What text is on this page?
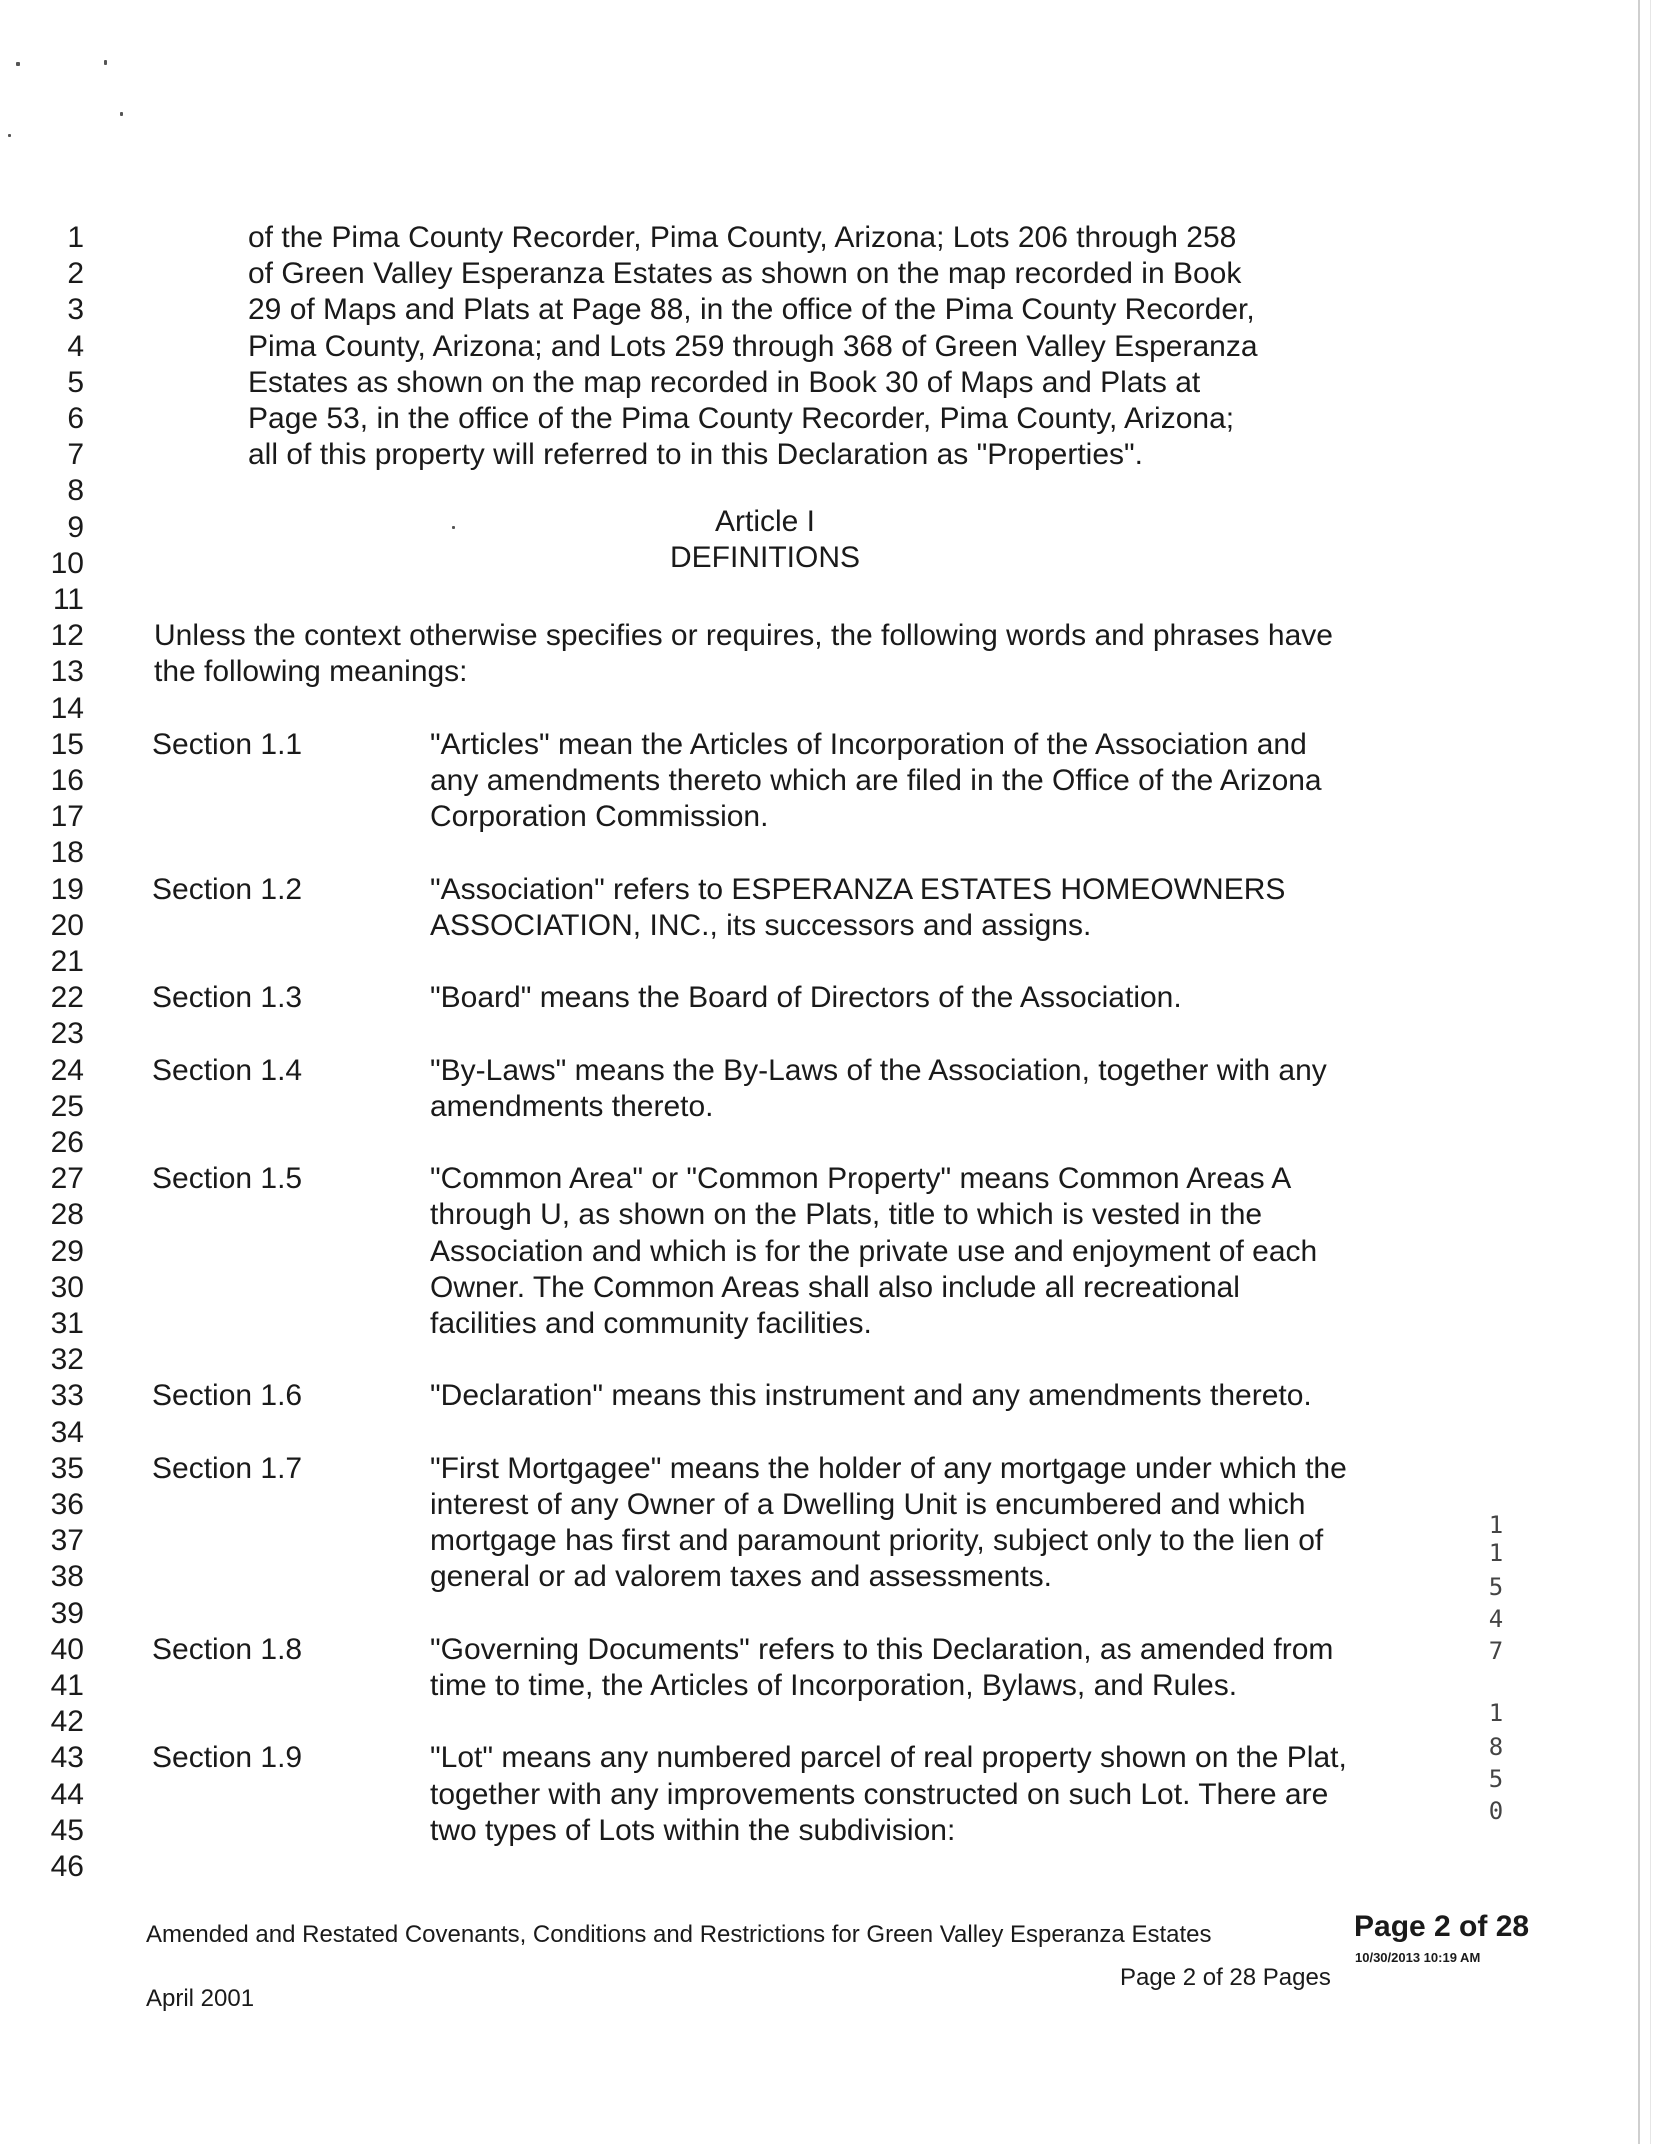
1
2
3
4
5
6
7
8
9
10
11
12
13
14
15
16
17
18
19
20
21
22
23
24
25
26
27
28
29
30
31
32
33
34
35
36
37
38
39
40
41
42
43
44
45
46
of the Pima County Recorder, Pima County, Arizona; Lots 206 through 258
of Green Valley Esperanza Estates as shown on the map recorded in Book
29 of Maps and Plats at Page 88, in the office of the Pima County Recorder,
Pima County, Arizona; and Lots 259 through 368 of Green Valley Esperanza
Estates as shown on the map recorded in Book 30 of Maps and Plats at
Page 53, in the office of the Pima County Recorder, Pima County, Arizona;
all of this property will referred to in this Declaration as "Properties".
Article I
DEFINITIONS
Unless the context otherwise specifies or requires, the following words and phrases have
the following meanings:
Section 1.1	"Articles" mean the Articles of Incorporation of the Association and
any amendments thereto which are filed in the Office of the Arizona
Corporation Commission.
Section 1.2	"Association" refers to ESPERANZA ESTATES HOMEOWNERS
ASSOCIATION, INC., its successors and assigns.
Section 1.3	"Board" means the Board of Directors of the Association.
Section 1.4	"By-Laws" means the By-Laws of the Association, together with any
amendments thereto.
Section 1.5	"Common Area" or "Common Property" means Common Areas A
through U, as shown on the Plats, title to which is vested in the
Association and which is for the private use and enjoyment of each
Owner. The Common Areas shall also include all recreational
facilities and community facilities.
Section 1.6	"Declaration" means this instrument and any amendments thereto.
Section 1.7	"First Mortgagee" means the holder of any mortgage under which the
interest of any Owner of a Dwelling Unit is encumbered and which
mortgage has first and paramount priority, subject only to the lien of
general or ad valorem taxes and assessments.
Section 1.8	"Governing Documents" refers to this Declaration, as amended from
time to time, the Articles of Incorporation, Bylaws, and Rules.
Section 1.9	"Lot" means any numbered parcel of real property shown on the Plat,
together with any improvements constructed on such Lot. There are
two types of Lots within the subdivision:
1
1
5
4
7
1
8
5
0
Amended and Restated Covenants, Conditions and Restrictions for Green Valley Esperanza Estates
April 2001
Page 2 of 28
10/30/2013 10:19 AM
Page 2 of 28 Pages
